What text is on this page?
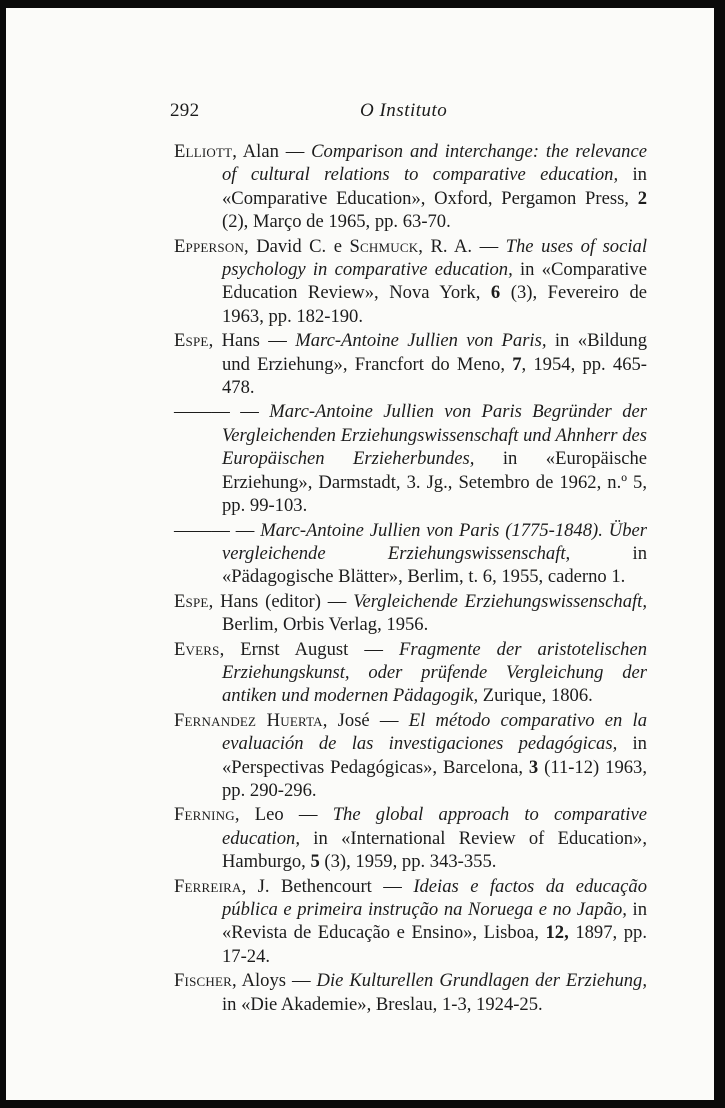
292	O Instituto

Elliott, Alan — Comparison and interchange: the relevance of cultural relations to comparative education, in «Comparative Education», Oxford, Pergamon Press, 2 (2), Março de 1965, pp. 63-70.

Epperson, David C. e Schmuck, R. A. — The uses of social psychology in comparative education, in «Comparative Education Review», Nova York, 6 (3), Fevereiro de 1963, pp. 182-190.

Espe, Hans — Marc-Antoine Jullien von Paris, in «Bildung und Erziehung», Francfort do Meno, 7, 1954, pp. 465-478.

——— — Marc-Antoine Jullien von Paris Begründer der Vergleichenden Erziehungswissenschaft und Ahnherr des Europäischen Erzieherbundes, in «Europäische Erziehung», Darmstadt, 3. Jg., Setembro de 1962, n.º 5, pp. 99-103.

——— — Marc-Antoine Jullien von Paris (1775-1848). Über vergleichende Erziehungswissenschaft, in «Pädagogische Blätter», Berlim, t. 6, 1955, caderno 1.

Espe, Hans (editor) — Vergleichende Erziehungswissenschaft, Berlim, Orbis Verlag, 1956.

Evers, Ernst August — Fragmente der aristotelischen Erziehungskunst, oder prüfende Vergleichung der antiken und modernen Pädagogik, Zurique, 1806.

Fernandez Huerta, José — El método comparativo en la evaluación de las investigaciones pedagógicas, in «Perspectivas Pedagógicas», Barcelona, 3 (11-12) 1963, pp. 290-296.

Ferning, Leo — The global approach to comparative education, in «International Review of Education», Hamburgo, 5 (3), 1959, pp. 343-355.

Ferreira, J. Bethencourt — Ideias e factos da educação pública e primeira instrução na Noruega e no Japão, in «Revista de Educação e Ensino», Lisboa, 12, 1897, pp. 17-24.

Fischer, Aloys — Die Kulturellen Grundlagen der Erziehung, in «Die Akademie», Breslau, 1-3, 1924-25.
